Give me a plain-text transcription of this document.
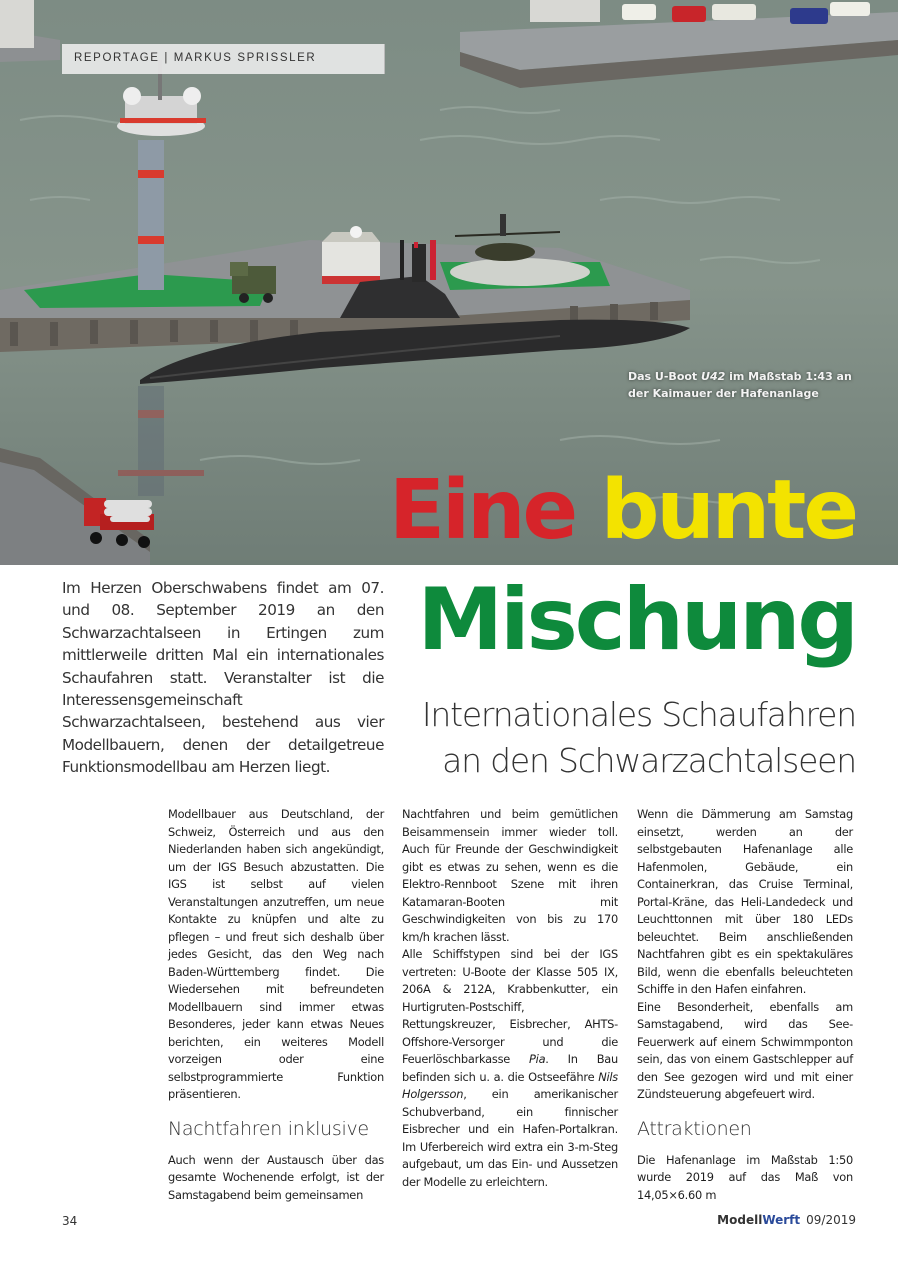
REPORTAGE | MARKUS SPRISSLER
Das U-Boot U42 im Maßstab 1:43 an
der Kaimauer der Hafenanlage
Eine bunte
Mischung
Internationales Schaufahren
an den Schwarzachtalseen

Im Herzen Oberschwabens findet am 07. und 08. September 2019 an den Schwarzachtalseen in Ertingen zum mittlerweile dritten Mal ein internationales Schaufahren statt. Veranstalter ist die Interessensgemeinschaft Schwarzachtalseen, bestehend aus vier Modellbauern, denen der detailgetreue Funktionsmodellbau am Herzen liegt.

Modellbauer aus Deutschland, der Schweiz, Österreich und aus den Niederlanden haben sich angekündigt, um der IGS Besuch abzustatten. Die IGS ist selbst auf vielen Veranstaltungen anzutreffen, um neue Kontakte zu knüpfen und alte zu pflegen – und freut sich deshalb über jedes Gesicht, das den Weg nach Baden-Württemberg findet. Die Wiedersehen mit befreundeten Modellbauern sind immer etwas Besonderes, jeder kann etwas Neues berichten, ein weiteres Modell vorzeigen oder eine selbstprogrammierte Funktion präsentieren.

Nachtfahren inklusive

Auch wenn der Austausch über das gesamte Wochenende erfolgt, ist der Samstagabend beim gemeinsamen

Nachtfahren und beim gemütlichen Beisammensein immer wieder toll. Auch für Freunde der Geschwindigkeit gibt es etwas zu sehen, wenn es die Elektro-Rennboot Szene mit ihren Katamaran-Booten mit Geschwindigkeiten von bis zu 170 km/h krachen lässt.

Alle Schiffstypen sind bei der IGS vertreten: U-Boote der Klasse 505 IX, 206A & 212A, Krabbenkutter, ein Hurtigruten-Postschiff, Rettungskreuzer, Eisbrecher, AHTS-Offshore-Versorger und die Feuerlöschbarkasse Pia. In Bau befinden sich u. a. die Ostseefähre Nils Holgersson, ein amerikanischer Schubverband, ein finnischer Eisbrecher und ein Hafen-Portalkran. Im Uferbereich wird extra ein 3-m-Steg aufgebaut, um das Ein- und Aussetzen der Modelle zu erleichtern.

Wenn die Dämmerung am Samstag einsetzt, werden an der selbstgebauten Hafenanlage alle Hafenmolen, Gebäude, ein Containerkran, das Cruise Terminal, Portal-Kräne, das Heli-Landedeck und Leuchttonnen mit über 180 LEDs beleuchtet. Beim anschließenden Nachtfahren gibt es ein spektakuläres Bild, wenn die ebenfalls beleuchteten Schiffe in den Hafen einfahren.

Eine Besonderheit, ebenfalls am Samstagabend, wird das See-Feuerwerk auf einem Schwimmponton sein, das von einem Gastschlepper auf den See gezogen wird und mit einer Zündsteuerung abgefeuert wird.

Attraktionen

Die Hafenanlage im Maßstab 1:50 wurde 2019 auf das Maß von 14,05×6.60 m

34	ModellWerft 09/2019
